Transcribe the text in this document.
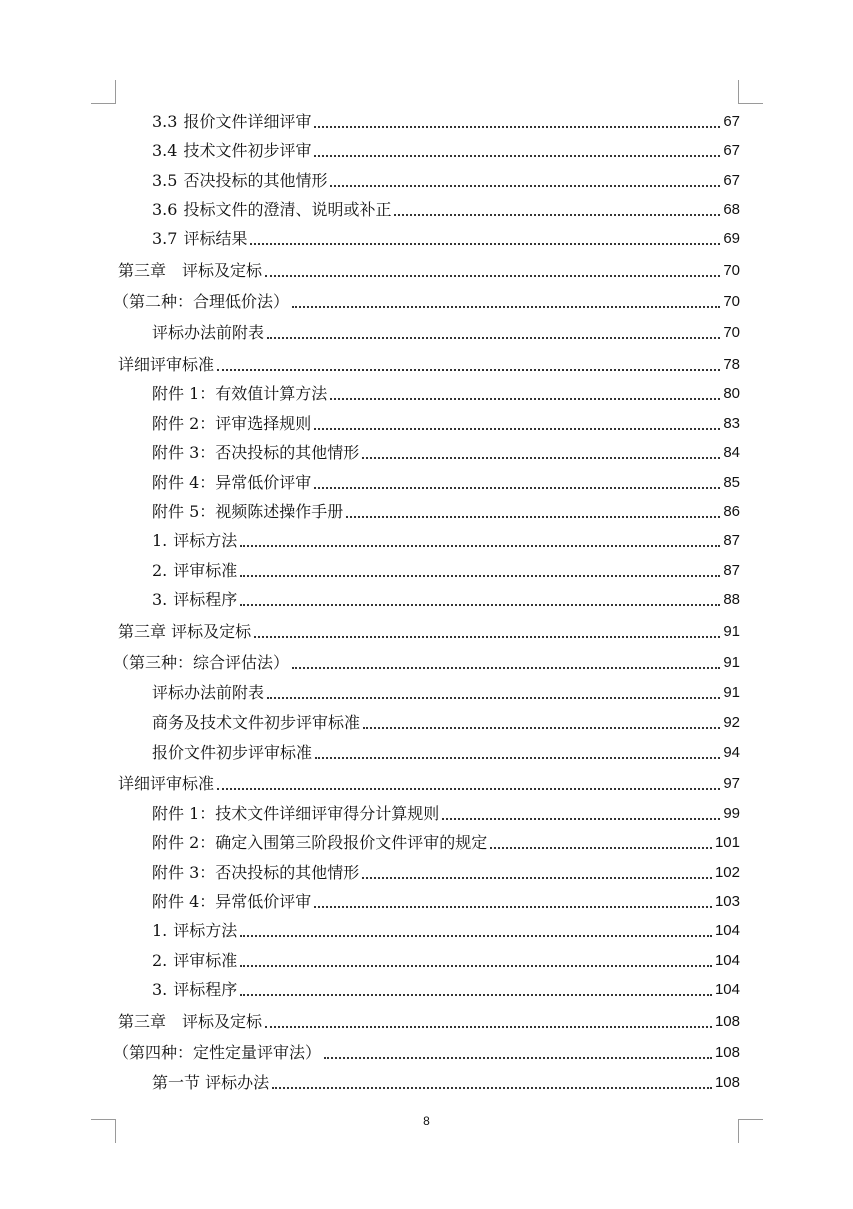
3.3 报价文件详细评审	67
3.4 技术文件初步评审	67
3.5 否决投标的其他情形	67
3.6 投标文件的澄清、说明或补正	68
3.7 评标结果	69
第三章　评标及定标	70
（第二种：合理低价法）	70
评标办法前附表	70
详细评审标准	78
附件 1：有效值计算方法	80
附件 2：评审选择规则	83
附件 3：否决投标的其他情形	84
附件 4：异常低价评审	85
附件 5：视频陈述操作手册	86
1. 评标方法	87
2. 评审标准	87
3. 评标程序	88
第三章 评标及定标	91
（第三种：综合评估法）	91
评标办法前附表	91
商务及技术文件初步评审标准	92
报价文件初步评审标准	94
详细评审标准	97
附件 1：技术文件详细评审得分计算规则	99
附件 2：确定入围第三阶段报价文件评审的规定	101
附件 3：否决投标的其他情形	102
附件 4：异常低价评审	103
1. 评标方法	104
2. 评审标准	104
3. 评标程序	104
第三章　评标及定标	108
（第四种：定性定量评审法）	108
第一节 评标办法	108
8
